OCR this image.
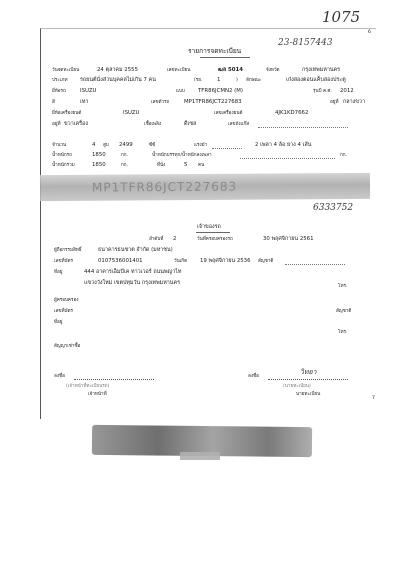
1075
6
23-8157443
รายการจดทะเบียน
วันจดทะเบียน	24 ตุลาคม 2555	เลขทะเบียน	ฒล 5014	จังหวัด	กรุงเทพมหานคร
ประเภท รถยนต์นั่งส่วนบุคคลไม่เกิน 7 คน	(รย.	1	) ลักษณะ	เก๋งสองตอนแค็บสองประตู
ยี่ห้อรถ	ISUZU	แบบ TFR86JCMN2 (M)	รุ่นปี ค.ศ. 2012
สี	เทา	เลขตัวรถ	MP1TFR86JCT227683	อยู่ที่ กลางขวา
ยี่ห้อเครื่องยนต์	ISUZU	เลขเครื่องยนต์	4JK1KD7662
อยู่ที่ ขวาเครื่อง	เชื้อเพลิง	ดีเซล	เลขถังแก๊ส
จำนวน	4 สูบ 2499	ซีซี	แรงม้า	2 เพลา 4 ล้อ ยาง 4 เส้น
น้ำหนักรถ	1850	กก.	น้ำหนักบรรทุก/น้ำหนักลงเพลา	กก.
น้ำหนักรวม	1850	กก.	ที่นั่ง	5 คน
MP1TFR86JCT227683
6333752
เจ้าของรถ
ลำดับที่ 2	วันที่ครอบครองรถ	30 พฤศจิกายน 2561
ผู้ถือกรรมสิทธิ์	ธนาคารธนชาต จำกัด (มหาชน)
เลขที่บัตร	0107536001401	วันเกิด 19 พฤศจิกายน 2536 สัญชาติ
ที่อยู่	444 อาคารเอ็มบีเค ทาวเวอร์ ถนนพญาไท
แขวงวังใหม่ เขตปทุมวัน กรุงเทพมหานคร
โทร.
ผู้ครอบครอง
เลขที่บัตร	สัญชาติ
ที่อยู่
โทร.
สัญญาเช่าซื้อ
ลงชื่อ
(เจ้าหน้าที่ทะเบียนรถ)
เจ้าหน้าที่
วิทยา
ลงชื่อ
(นายทะเบียน)
นายทะเบียน
7
